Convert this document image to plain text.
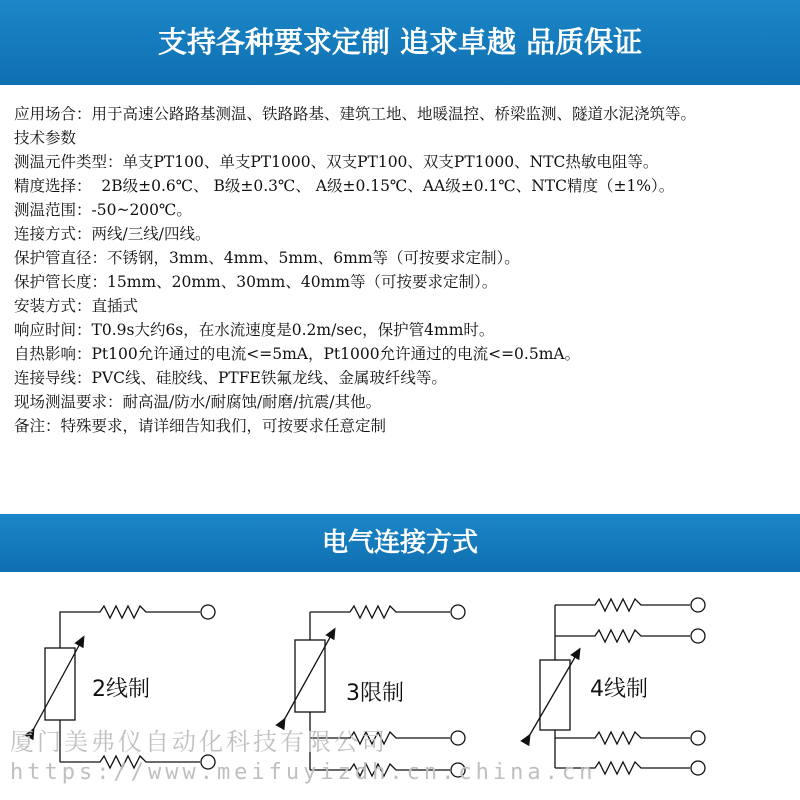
支持各种要求定制 追求卓越 品质保证
应用场合：用于高速公路路基测温、铁路路基、建筑工地、地暖温控、桥梁监测、隧道水泥浇筑等。
技术参数
测温元件类型：单支PT100、单支PT1000、双支PT100、双支PT1000、NTC热敏电阻等。
精度选择：  2B级±0.6℃、 B级±0.3℃、 A级±0.15℃、AA级±0.1℃、NTC精度（±1%）。
测温范围：-50~200℃。
连接方式：两线/三线/四线。
保护管直径：不锈钢，3mm、4mm、5mm、6mm等（可按要求定制）。
保护管长度：15mm、20mm、30mm、40mm等（可按要求定制）。
安装方式：直插式
响应时间：T0.9s大约6s，在水流速度是0.2m/sec，保护管4mm时。
自热影响：Pt100允许通过的电流<=5mA，Pt1000允许通过的电流<=0.5mA。
连接导线：PVC线、硅胶线、PTFE铁氟龙线、金属玻纤线等。
现场测温要求：耐高温/防水/耐腐蚀/耐磨/抗震/其他。
备注：特殊要求，请详细告知我们，可按要求任意定制
电气连接方式
2线制	3限制	4线制
厦门美弗仪自动化科技有限公司
https://www.meifuyizdh.cn.china.cn
